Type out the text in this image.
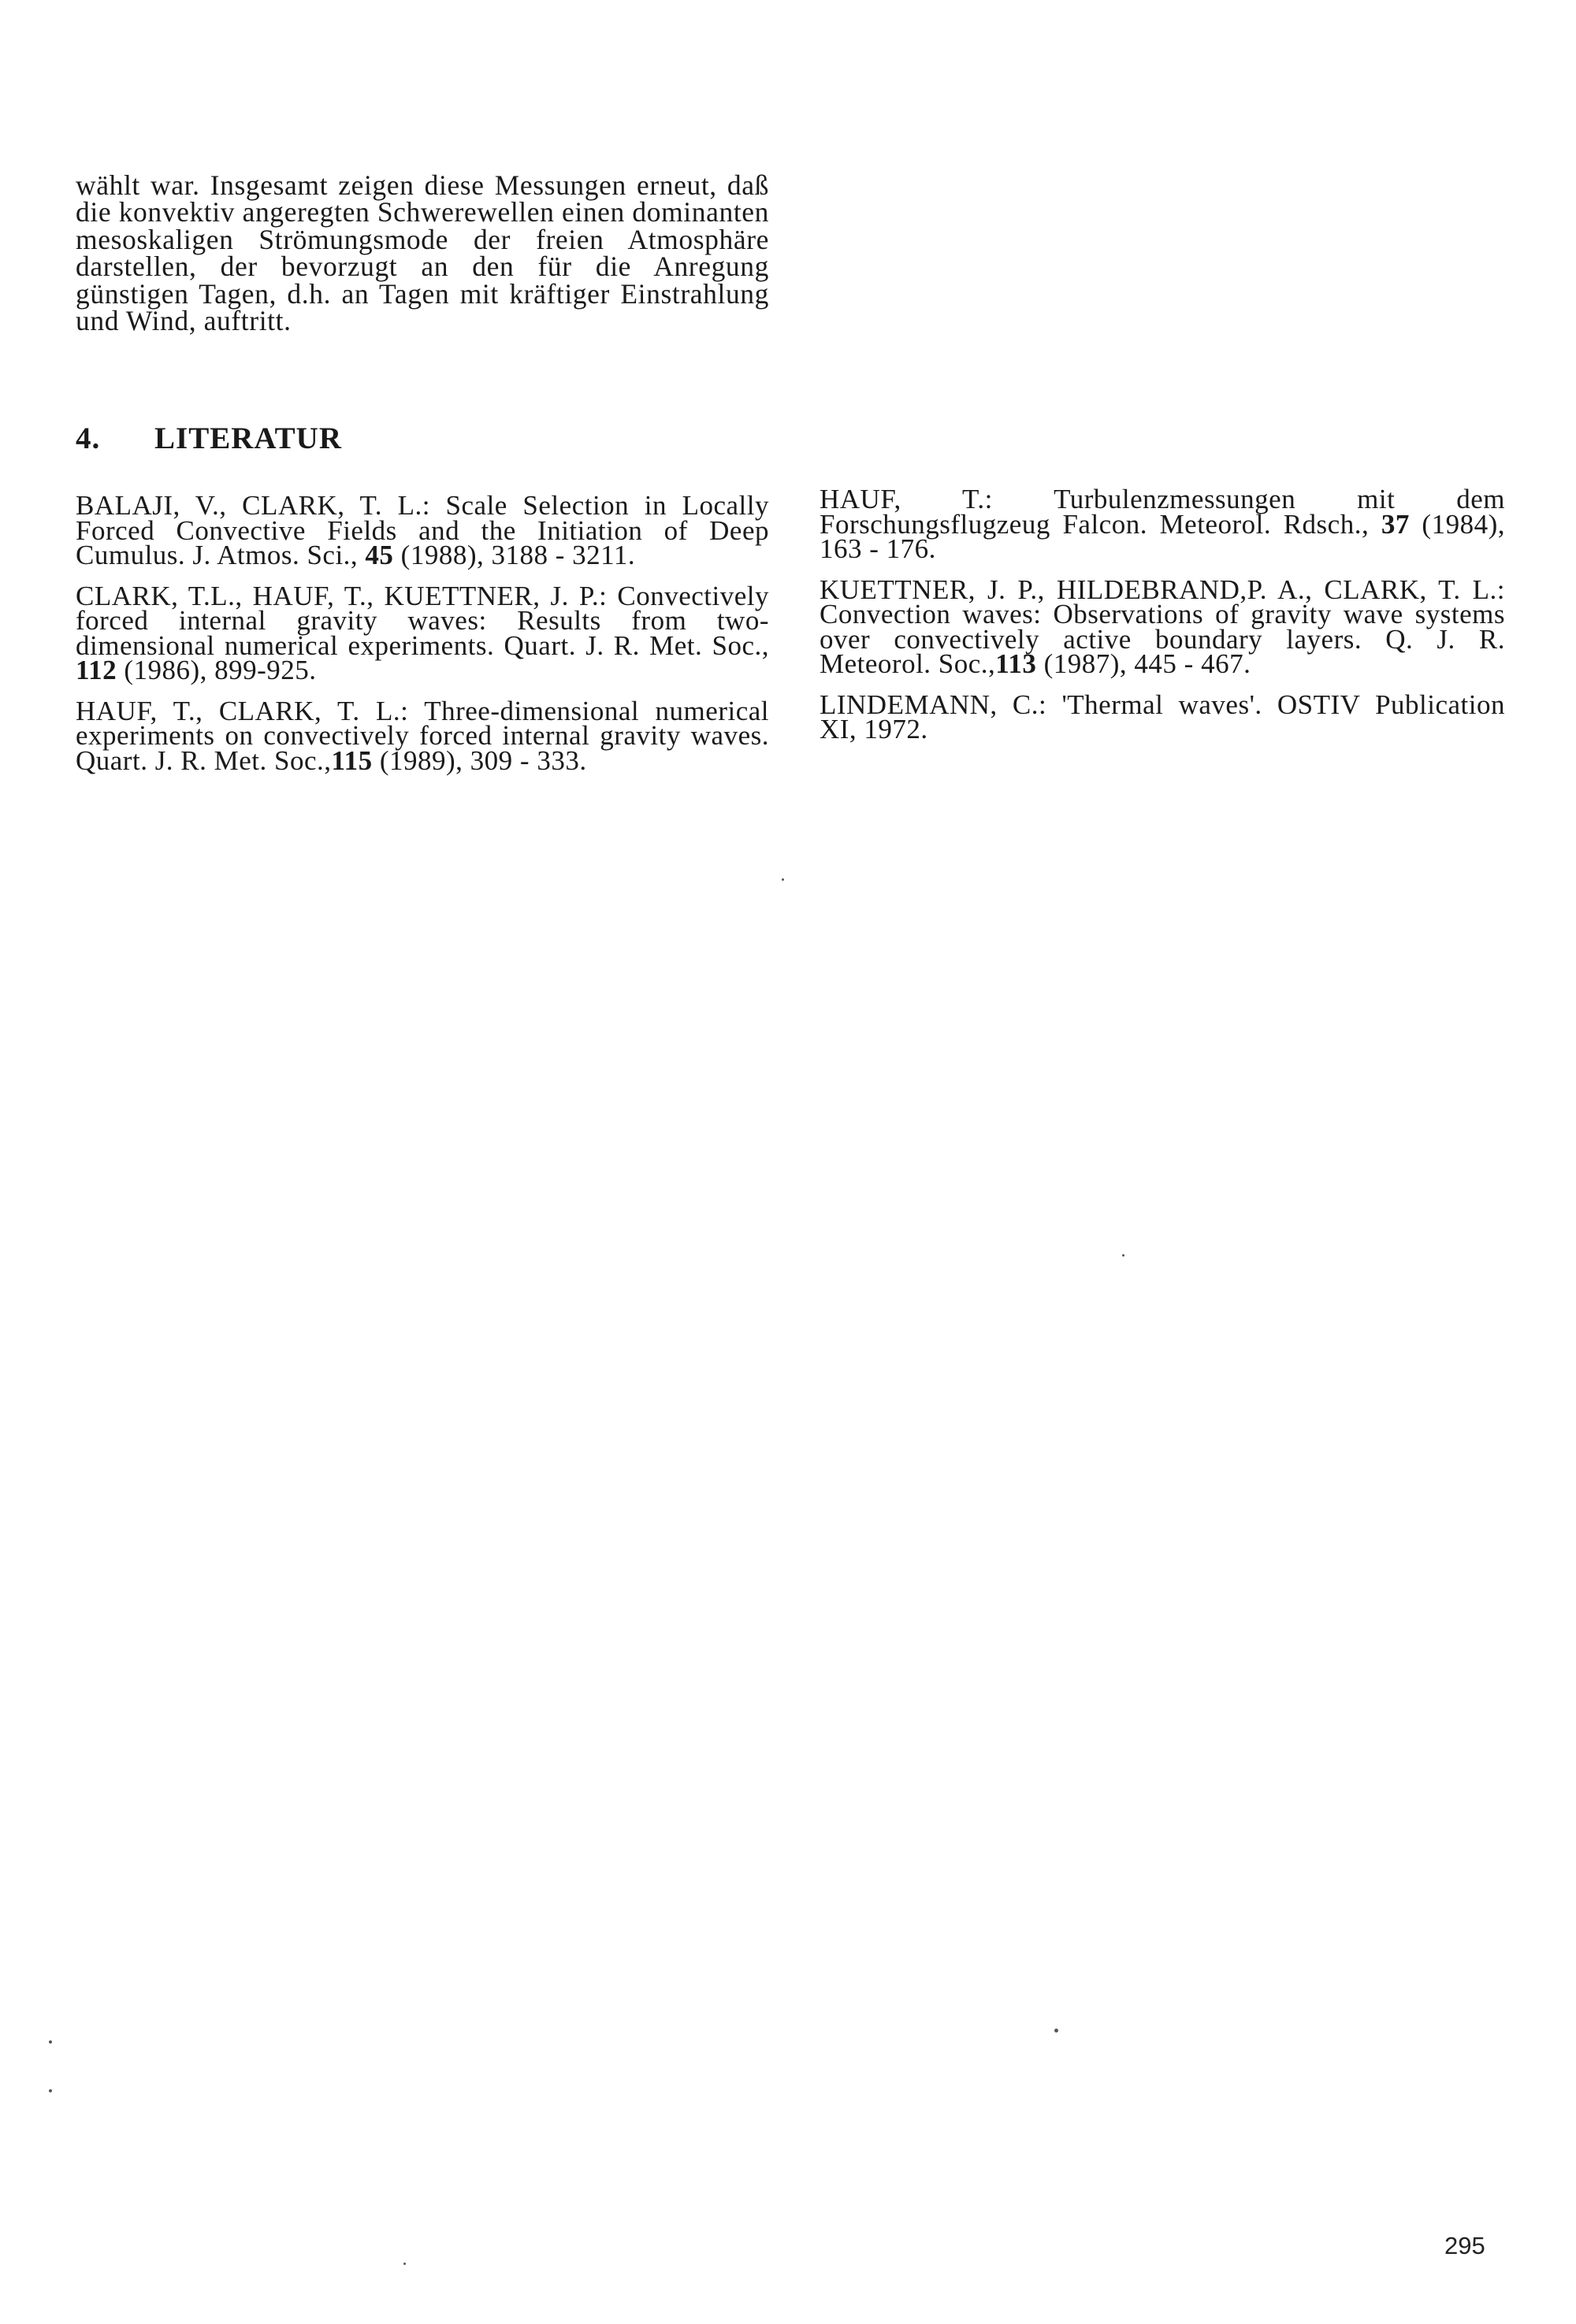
wählt war. Insgesamt zeigen diese Messungen erneut, daß die konvektiv angeregten Schwerewellen einen dominanten mesoskaligen Strömungsmode der freien Atmosphäre darstellen, der bevorzugt an den für die Anregung günstigen Tagen, d.h. an Tagen mit kräftiger Einstrahlung und Wind, auftritt.

4. LITERATUR

BALAJI, V., CLARK, T. L.: Scale Selection in Locally Forced Convective Fields and the Initiation of Deep Cumulus. J. Atmos. Sci., 45 (1988), 3188 - 3211.

CLARK, T.L., HAUF, T., KUETTNER, J. P.: Convectively forced internal gravity waves: Results from two-dimensional numerical experiments. Quart. J. R. Met. Soc., 112 (1986), 899-925.

HAUF, T., CLARK, T. L.: Three-dimensional numerical experiments on convectively forced internal gravity waves. Quart. J. R. Met. Soc.,115 (1989), 309 - 333.

HAUF, T.: Turbulenzmessungen mit dem Forschungsflugzeug Falcon. Meteorol. Rdsch., 37 (1984), 163 - 176.

KUETTNER, J. P., HILDEBRAND,P. A., CLARK, T. L.: Convection waves: Observations of gravity wave systems over convectively active boundary layers. Q. J. R. Meteorol. Soc.,113 (1987), 445 - 467.

LINDEMANN, C.: 'Thermal waves'. OSTIV Publication XI, 1972.

295
